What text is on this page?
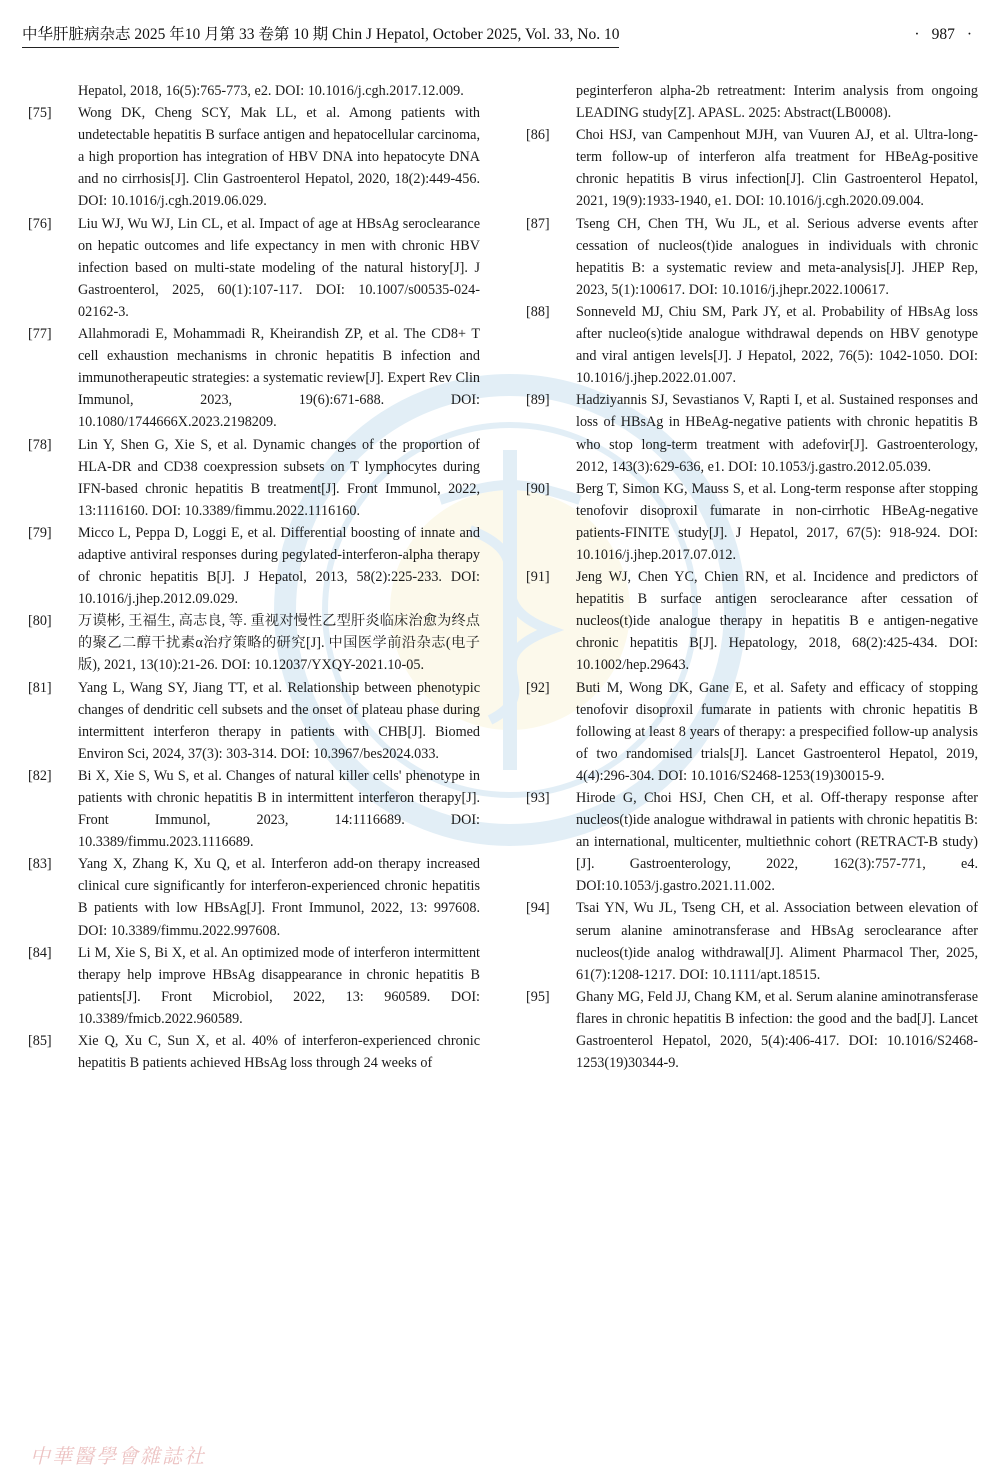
中华肝脏病杂志 2025 年10 月第 33 卷第 10 期 Chin J Hepatol, October 2025, Vol. 33, No. 10	· 987 ·
Hepatol, 2018, 16(5):765-773, e2. DOI: 10.1016/j.cgh.2017.12.009.
[75] Wong DK, Cheng SCY, Mak LL, et al. Among patients with undetectable hepatitis B surface antigen and hepatocellular carcinoma, a high proportion has integration of HBV DNA into hepatocyte DNA and no cirrhosis[J]. Clin Gastroenterol Hepatol, 2020, 18(2):449-456. DOI: 10.1016/j.cgh.2019.06.029.
[76] Liu WJ, Wu WJ, Lin CL, et al. Impact of age at HBsAg seroclearance on hepatic outcomes and life expectancy in men with chronic HBV infection based on multi-state modeling of the natural history[J]. J Gastroenterol, 2025, 60(1):107-117. DOI: 10.1007/s00535-024-02162-3.
[77] Allahmoradi E, Mohammadi R, Kheirandish ZP, et al. The CD8+ T cell exhaustion mechanisms in chronic hepatitis B infection and immunotherapeutic strategies: a systematic review[J]. Expert Rev Clin Immunol, 2023, 19(6):671-688. DOI: 10.1080/1744666X.2023.2198209.
[78] Lin Y, Shen G, Xie S, et al. Dynamic changes of the proportion of HLA-DR and CD38 coexpression subsets on T lymphocytes during IFN-based chronic hepatitis B treatment[J]. Front Immunol, 2022, 13:1116160. DOI: 10.3389/fimmu.2022.1116160.
[79] Micco L, Peppa D, Loggi E, et al. Differential boosting of innate and adaptive antiviral responses during pegylated-interferon-alpha therapy of chronic hepatitis B[J]. J Hepatol, 2013, 58(2):225-233. DOI: 10.1016/j.jhep.2012.09.029.
[80] 万谟彬, 王福生, 高志良, 等. 重视对慢性乙型肝炎临床治愈为终点的聚乙二醇干扰素α治疗策略的研究[J]. 中国医学前沿杂志(电子版), 2021, 13(10):21-26. DOI: 10.12037/YXQY-2021.10-05.
[81] Yang L, Wang SY, Jiang TT, et al. Relationship between phenotypic changes of dendritic cell subsets and the onset of plateau phase during intermittent interferon therapy in patients with CHB[J]. Biomed Environ Sci, 2024, 37(3): 303-314. DOI: 10.3967/bes2024.033.
[82] Bi X, Xie S, Wu S, et al. Changes of natural killer cells' phenotype in patients with chronic hepatitis B in intermittent interferon therapy[J]. Front Immunol, 2023, 14:1116689. DOI: 10.3389/fimmu.2023.1116689.
[83] Yang X, Zhang K, Xu Q, et al. Interferon add-on therapy increased clinical cure significantly for interferon-experienced chronic hepatitis B patients with low HBsAg[J]. Front Immunol, 2022, 13: 997608. DOI: 10.3389/fimmu.2022.997608.
[84] Li M, Xie S, Bi X, et al. An optimized mode of interferon intermittent therapy help improve HBsAg disappearance in chronic hepatitis B patients[J]. Front Microbiol, 2022, 13: 960589. DOI: 10.3389/fmicb.2022.960589.
[85] Xie Q, Xu C, Sun X, et al. 40% of interferon-experienced chronic hepatitis B patients achieved HBsAg loss through 24 weeks of
peginterferon alpha-2b retreatment: Interim analysis from ongoing LEADING study[Z]. APASL. 2025: Abstract(LB0008).
[86] Choi HSJ, van Campenhout MJH, van Vuuren AJ, et al. Ultra-long-term follow-up of interferon alfa treatment for HBeAg-positive chronic hepatitis B virus infection[J]. Clin Gastroenterol Hepatol, 2021, 19(9):1933-1940, e1. DOI: 10.1016/j.cgh.2020.09.004.
[87] Tseng CH, Chen TH, Wu JL, et al. Serious adverse events after cessation of nucleos(t)ide analogues in individuals with chronic hepatitis B: a systematic review and meta-analysis[J]. JHEP Rep, 2023, 5(1):100617. DOI: 10.1016/j.jhepr.2022.100617.
[88] Sonneveld MJ, Chiu SM, Park JY, et al. Probability of HBsAg loss after nucleo(s)tide analogue withdrawal depends on HBV genotype and viral antigen levels[J]. J Hepatol, 2022, 76(5): 1042-1050. DOI: 10.1016/j.jhep.2022.01.007.
[89] Hadziyannis SJ, Sevastianos V, Rapti I, et al. Sustained responses and loss of HBsAg in HBeAg-negative patients with chronic hepatitis B who stop long-term treatment with adefovir[J]. Gastroenterology, 2012, 143(3):629-636, e1. DOI: 10.1053/j.gastro.2012.05.039.
[90] Berg T, Simon KG, Mauss S, et al. Long-term response after stopping tenofovir disoproxil fumarate in non-cirrhotic HBeAg-negative patients-FINITE study[J]. J Hepatol, 2017, 67(5): 918-924. DOI: 10.1016/j.jhep.2017.07.012.
[91] Jeng WJ, Chen YC, Chien RN, et al. Incidence and predictors of hepatitis B surface antigen seroclearance after cessation of nucleos(t)ide analogue therapy in hepatitis B e antigen-negative chronic hepatitis B[J]. Hepatology, 2018, 68(2):425-434. DOI: 10.1002/hep.29643.
[92] Buti M, Wong DK, Gane E, et al. Safety and efficacy of stopping tenofovir disoproxil fumarate in patients with chronic hepatitis B following at least 8 years of therapy: a prespecified follow-up analysis of two randomised trials[J]. Lancet Gastroenterol Hepatol, 2019, 4(4):296-304. DOI: 10.1016/S2468-1253(19)30015-9.
[93] Hirode G, Choi HSJ, Chen CH, et al. Off-therapy response after nucleos(t)ide analogue withdrawal in patients with chronic hepatitis B: an international, multicenter, multiethnic cohort (RETRACT-B study)[J]. Gastroenterology, 2022, 162(3):757-771, e4. DOI:10.1053/j.gastro.2021.11.002.
[94] Tsai YN, Wu JL, Tseng CH, et al. Association between elevation of serum alanine aminotransferase and HBsAg seroclearance after nucleos(t)ide analog withdrawal[J]. Aliment Pharmacol Ther, 2025, 61(7):1208-1217. DOI: 10.1111/apt.18515.
[95] Ghany MG, Feld JJ, Chang KM, et al. Serum alanine aminotransferase flares in chronic hepatitis B infection: the good and the bad[J]. Lancet Gastroenterol Hepatol, 2020, 5(4):406-417. DOI: 10.1016/S2468-1253(19)30344-9.
中華醫學會雜誌社
